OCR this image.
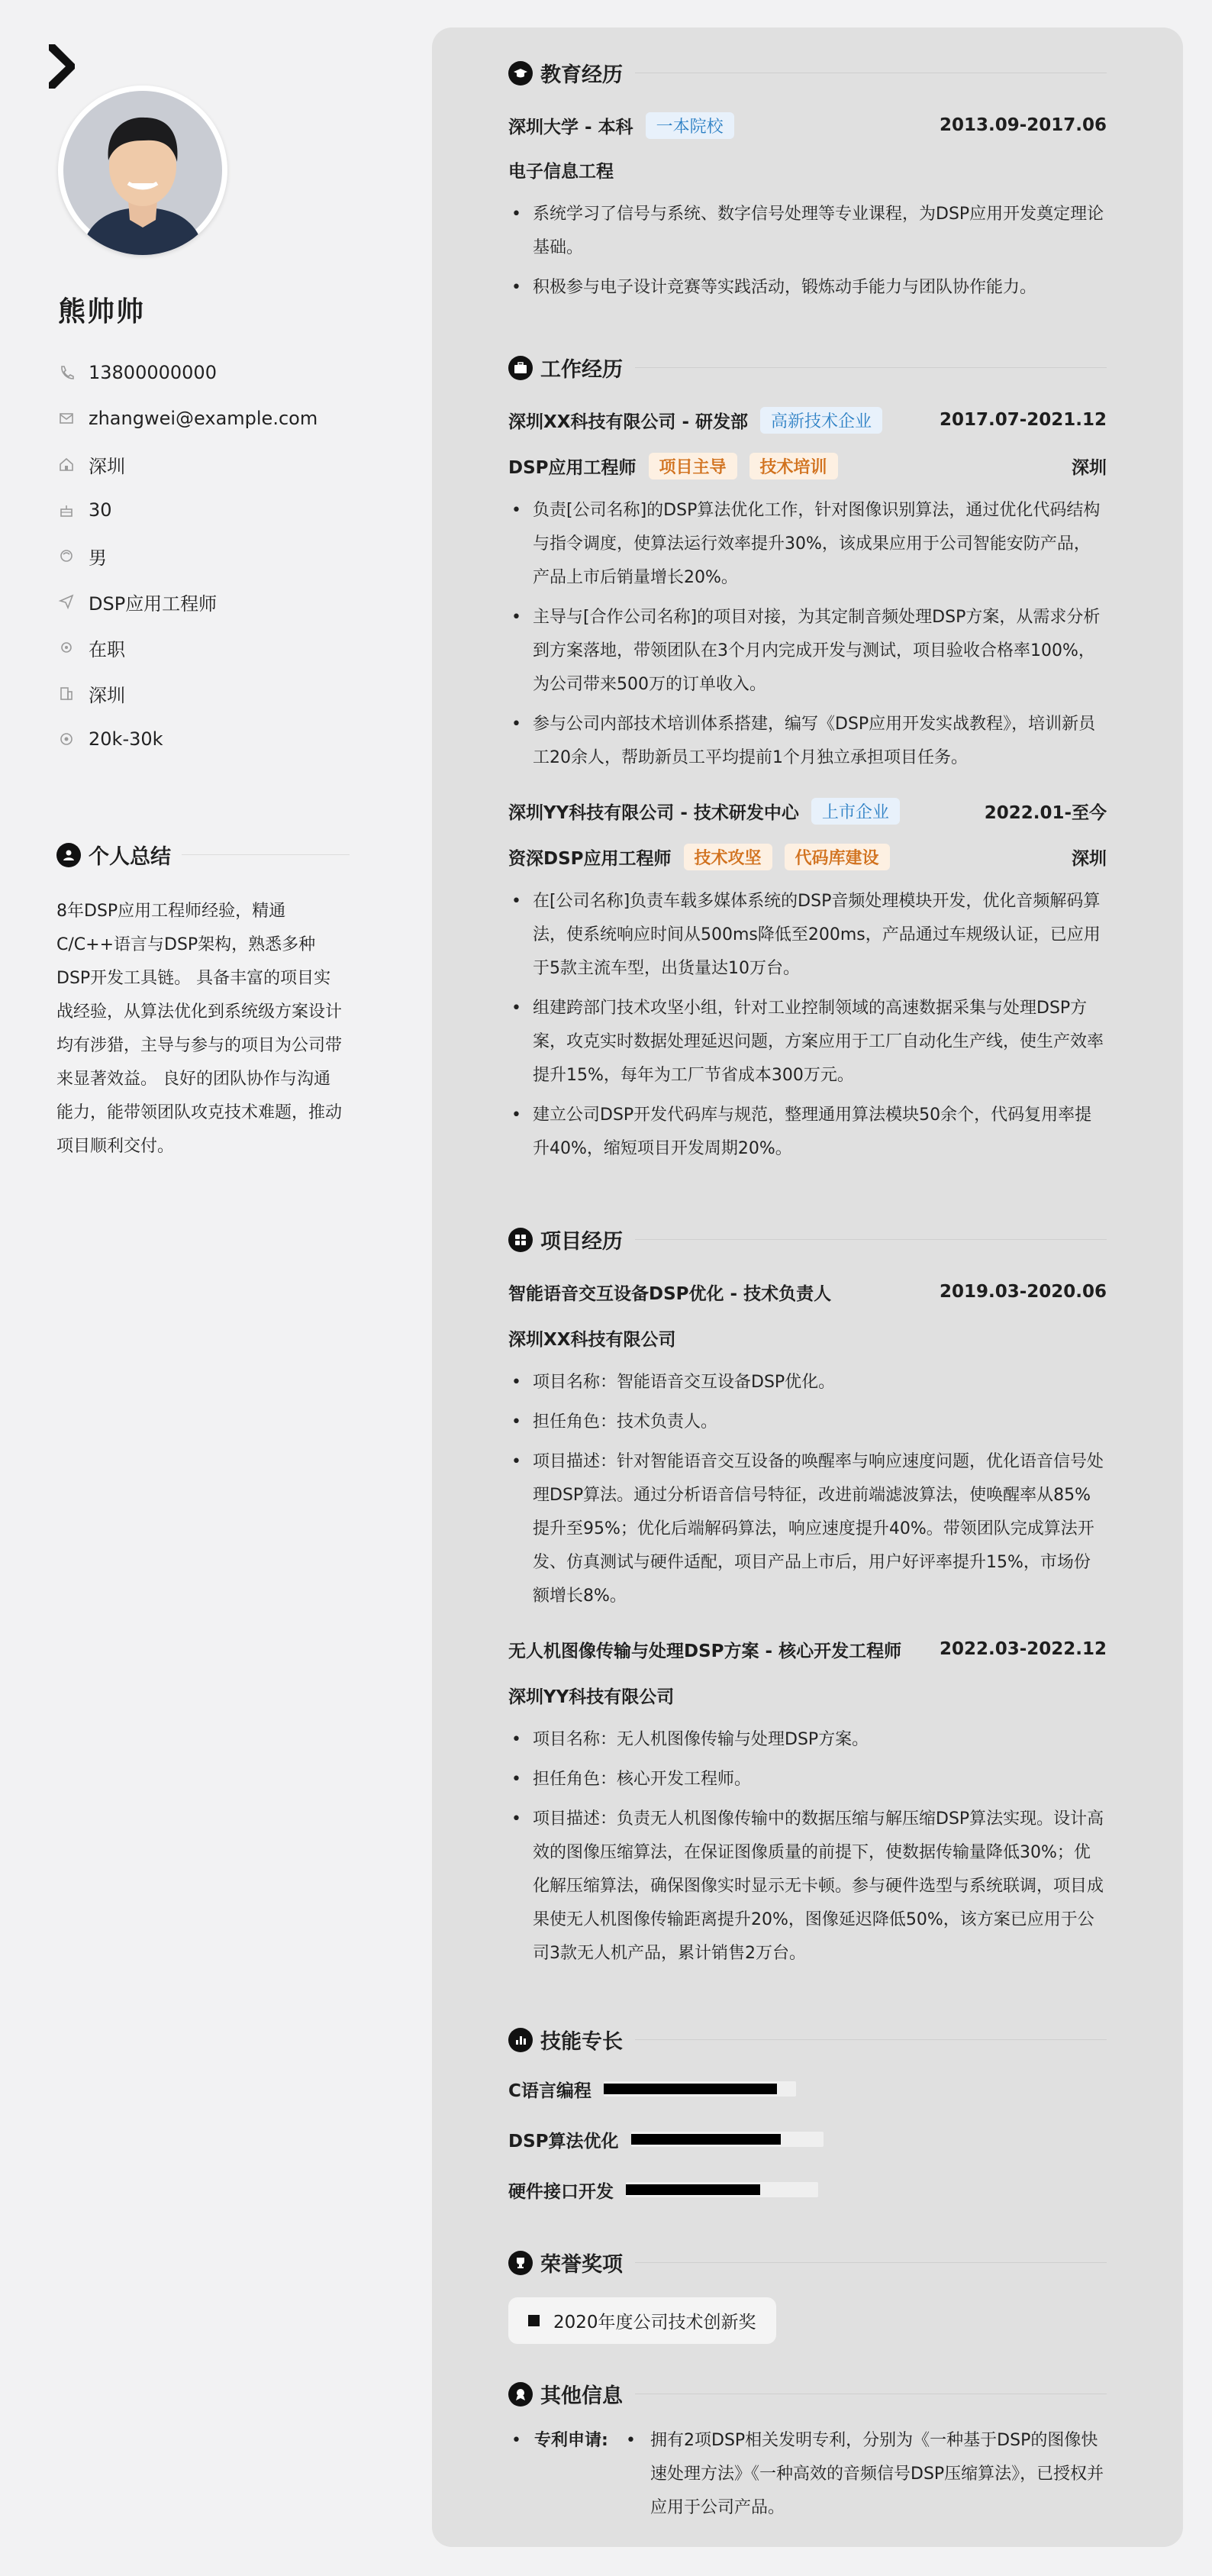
熊帅帅
13800000000
zhangwei@example.com
深圳
30
男
DSP应用工程师
在职
深圳
20k-30k
个人总结

8年DSP应用工程师经验，精通C/C++语言与DSP架构，熟悉多种DSP开发工具链。 具备丰富的项目实战经验，从算法优化到系统级方案设计均有涉猎，主导与参与的项目为公司带来显著效益。 良好的团队协作与沟通能力，能带领团队攻克技术难题，推动项目顺利交付。

教育经历
深圳大学 - 本科	一本院校	2013.09-2017.06
电子信息工程
• 系统学习了信号与系统、数字信号处理等专业课程，为DSP应用开发奠定理论基础。
• 积极参与电子设计竞赛等实践活动，锻炼动手能力与团队协作能力。
工作经历
深圳XX科技有限公司 - 研发部	高新技术企业	2017.07-2021.12
DSP应用工程师	项目主导	技术培训	深圳
• 负责[公司名称]的DSP算法优化工作，针对图像识别算法，通过优化代码结构与指令调度，使算法运行效率提升30%，该成果应用于公司智能安防产品，产品上市后销量增长20%。
• 主导与[合作公司名称]的项目对接，为其定制音频处理DSP方案，从需求分析到方案落地，带领团队在3个月内完成开发与测试，项目验收合格率100%，为公司带来500万的订单收入。
• 参与公司内部技术培训体系搭建，编写《DSP应用开发实战教程》，培训新员工20余人，帮助新员工平均提前1个月独立承担项目任务。
深圳YY科技有限公司 - 技术研发中心	上市企业	2022.01-至今
资深DSP应用工程师	技术攻坚	代码库建设	深圳
• 在[公司名称]负责车载多媒体系统的DSP音频处理模块开发，优化音频解码算法，使系统响应时间从500ms降低至200ms，产品通过车规级认证，已应用于5款主流车型，出货量达10万台。
• 组建跨部门技术攻坚小组，针对工业控制领域的高速数据采集与处理DSP方案，攻克实时数据处理延迟问题，方案应用于工厂自动化生产线，使生产效率提升15%，每年为工厂节省成本300万元。
• 建立公司DSP开发代码库与规范，整理通用算法模块50余个，代码复用率提升40%，缩短项目开发周期20%。
项目经历
智能语音交互设备DSP优化 - 技术负责人	2019.03-2020.06
深圳XX科技有限公司
• 项目名称：智能语音交互设备DSP优化。
• 担任角色：技术负责人。
• 项目描述：针对智能语音交互设备的唤醒率与响应速度问题，优化语音信号处理DSP算法。通过分析语音信号特征，改进前端滤波算法，使唤醒率从85%提升至95%；优化后端解码算法，响应速度提升40%。带领团队完成算法开发、仿真测试与硬件适配，项目产品上市后，用户好评率提升15%，市场份额增长8%。
无人机图像传输与处理DSP方案 - 核心开发工程师 2022.03-2022.12
深圳YY科技有限公司
• 项目名称：无人机图像传输与处理DSP方案。
• 担任角色：核心开发工程师。
• 项目描述：负责无人机图像传输中的数据压缩与解压缩DSP算法实现。设计高效的图像压缩算法，在保证图像质量的前提下，使数据传输量降低30%；优化解压缩算法，确保图像实时显示无卡顿。参与硬件选型与系统联调，项目成果使无人机图像传输距离提升20%，图像延迟降低50%，该方案已应用于公司3款无人机产品，累计销售2万台。
技能专长
C语言编程
DSP算法优化
硬件接口开发
荣誉奖项
2020年度公司技术创新奖
其他信息
• 专利申请:	• 拥有2项DSP相关发明专利，分别为《一种基于DSP的图像快速处理方法》《一种高效的音频信号DSP压缩算法》，已授权并应用于公司产品。
